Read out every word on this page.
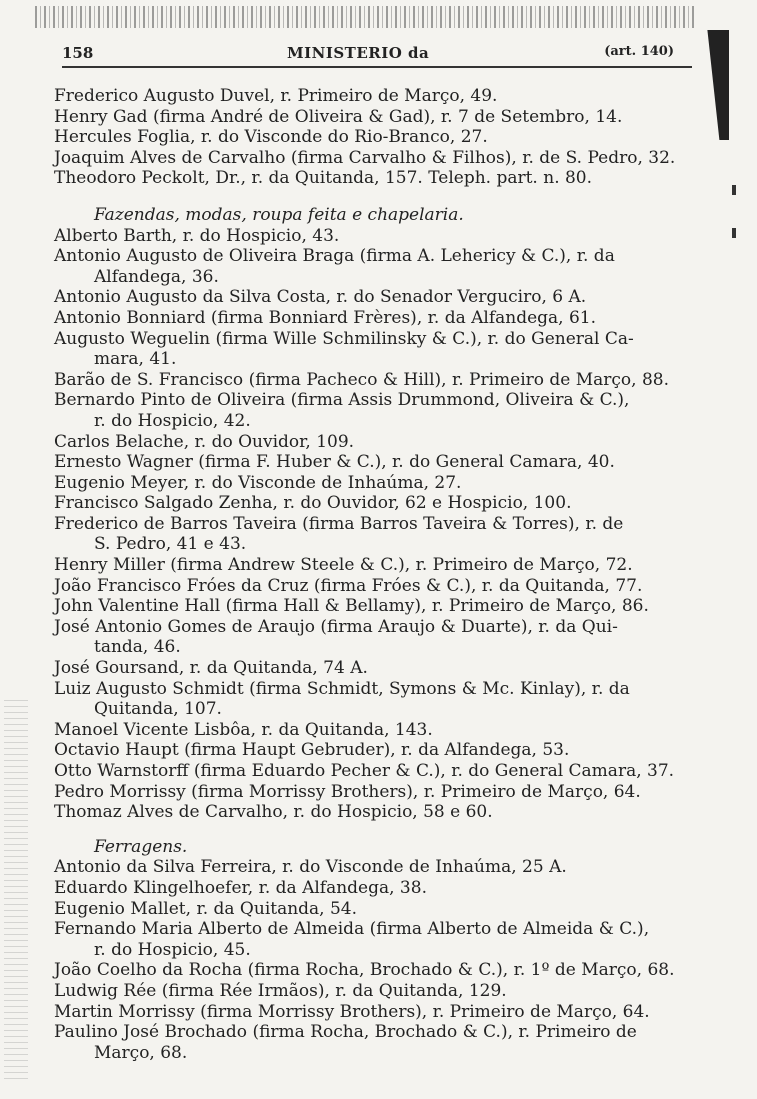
158	MINISTERIO da	(art. 140)

Frederico Augusto Duvel, r. Primeiro de Março, 49.

Henry Gad (firma André de Oliveira & Gad), r. 7 de Setembro, 14.

Hercules Foglia, r. do Visconde do Rio-Branco, 27.

Joaquim Alves de Carvalho (firma Carvalho & Filhos), r. de S. Pedro, 32.

Theodoro Peckolt, Dr., r. da Quitanda, 157. Teleph. part. n. 80.

Fazendas, modas, roupa feita e chapelaria.

Alberto Barth, r. do Hospicio, 43.

Antonio Augusto de Oliveira Braga (firma A. Lehericy & C.), r. da

Alfandega, 36.

Antonio Augusto da Silva Costa, r. do Senador Verguciro, 6 A.

Antonio Bonniard (firma Bonniard Frères), r. da Alfandega, 61.

Augusto Weguelin (firma Wille Schmilinsky & C.), r. do General Ca-

mara, 41.

Barão de S. Francisco (firma Pacheco & Hill), r. Primeiro de Março, 88.

Bernardo Pinto de Oliveira (firma Assis Drummond, Oliveira & C.),

r. do Hospicio, 42.

Carlos Belache, r. do Ouvidor, 109.

Ernesto Wagner (firma F. Huber & C.), r. do General Camara, 40.

Eugenio Meyer, r. do Visconde de Inhaúma, 27.

Francisco Salgado Zenha, r. do Ouvidor, 62 e Hospicio, 100.

Frederico de Barros Taveira (firma Barros Taveira & Torres), r. de

S. Pedro, 41 e 43.

Henry Miller (firma Andrew Steele & C.), r. Primeiro de Março, 72.

João Francisco Fróes da Cruz (firma Fróes & C.), r. da Quitanda, 77.

John Valentine Hall (firma Hall & Bellamy), r. Primeiro de Março, 86.

José Antonio Gomes de Araujo (firma Araujo & Duarte), r. da Qui-

tanda, 46.

José Goursand, r. da Quitanda, 74 A.

Luiz Augusto Schmidt (firma Schmidt, Symons & Mc. Kinlay), r. da

Quitanda, 107.

Manoel Vicente Lisbôa, r. da Quitanda, 143.

Octavio Haupt (firma Haupt Gebruder), r. da Alfandega, 53.

Otto Warnstorff (firma Eduardo Pecher & C.), r. do General Camara, 37.

Pedro Morrissy (firma Morrissy Brothers), r. Primeiro de Março, 64.

Thomaz Alves de Carvalho, r. do Hospicio, 58 e 60.

Ferragens.

Antonio da Silva Ferreira, r. do Visconde de Inhaúma, 25 A.

Eduardo Klingelhoefer, r. da Alfandega, 38.

Eugenio Mallet, r. da Quitanda, 54.

Fernando Maria Alberto de Almeida (firma Alberto de Almeida & C.),

r. do Hospicio, 45.

João Coelho da Rocha (firma Rocha, Brochado & C.), r. 1º de Março, 68.

Ludwig Rée (firma Rée Irmãos), r. da Quitanda, 129.

Martin Morrissy (firma Morrissy Brothers), r. Primeiro de Março, 64.

Paulino José Brochado (firma Rocha, Brochado & C.), r. Primeiro de

Março, 68.
